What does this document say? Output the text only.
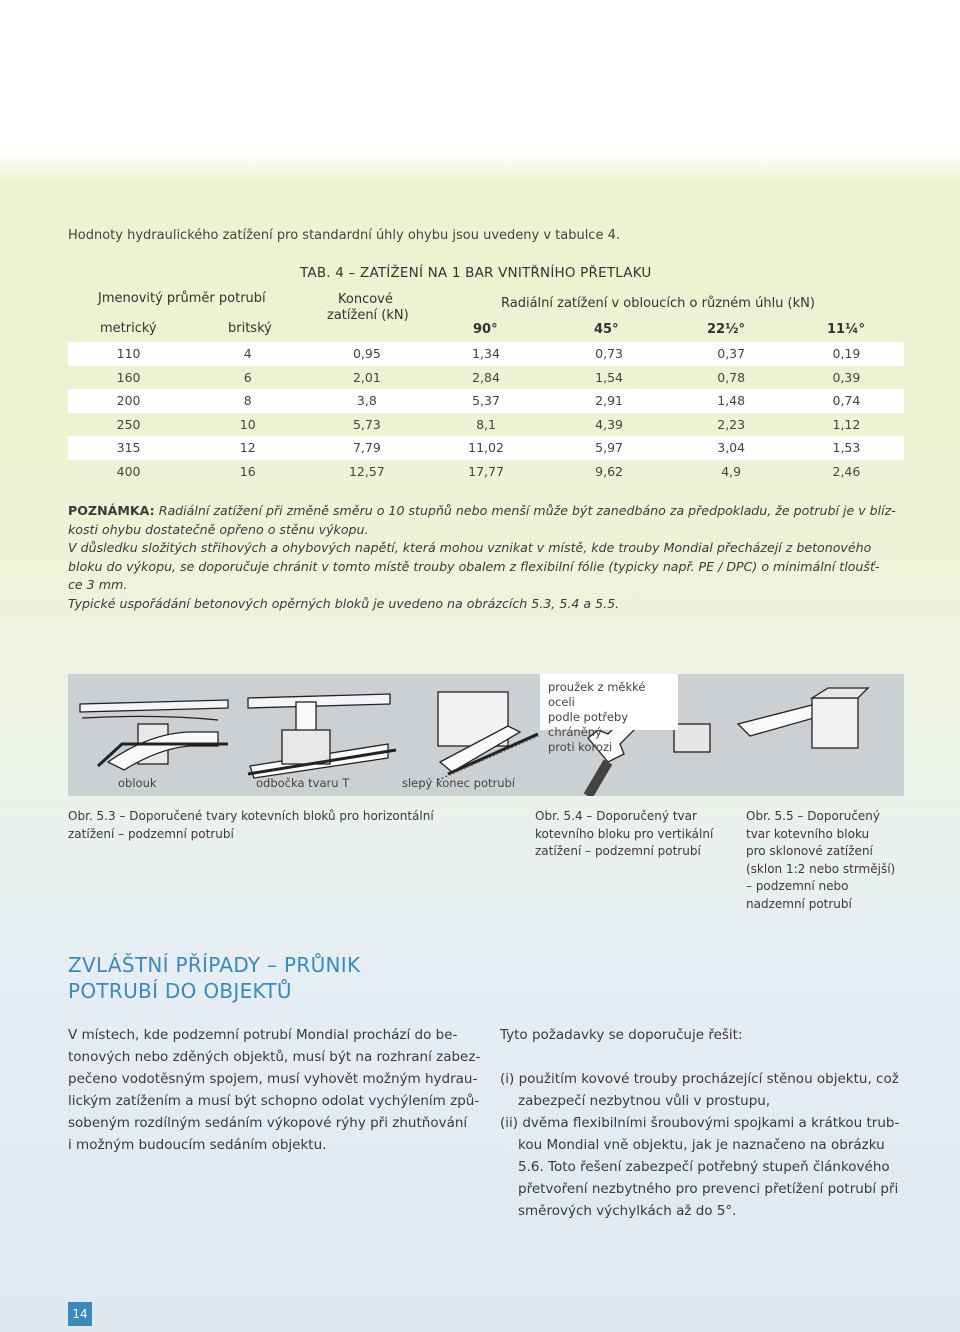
Hodnoty hydraulického zatížení pro standardní úhly ohybu jsou uvedeny v tabulce 4.
TAB. 4 – ZATÍŽENÍ NA 1 BAR VNITŘNÍHO PŘETLAKU
Jmenovitý průměr potrubí
metrický	britský
Koncové
zatížení (kN)
Radiální zatížení v obloucích o různém úhlu (kN)
90°	45°	22½°	11¼°
110	4	0,95	1,34	0,73	0,37	0,19
160	6	2,01	2,84	1,54	0,78	0,39
200	8	3,8	5,37	2,91	1,48	0,74
250	10	5,73	8,1	4,39	2,23	1,12
315	12	7,79	11,02	5,97	3,04	1,53
400	16	12,57	17,77	9,62	4,9	2,46
POZNÁMKA: Radiální zatížení při změně směru o 10 stupňů nebo menší může být zanedbáno za předpokladu, že potrubí je v blíz-
kosti ohybu dostatečně opřeno o stěnu výkopu.
V důsledku složitých střihových a ohybových napětí, která mohou vznikat v místě, kde trouby Mondial přecházejí z betonového
bloku do výkopu, se doporučuje chránit v tomto místě trouby obalem z flexibilní fólie (typicky např. PE / DPC) o minimální tloušť-
ce 3 mm.
Typické uspořádání betonových opěrných bloků je uvedeno na obrázcích 5.3, 5.4 a 5.5.
oblouk	odbočka tvaru T	slepý konec potrubí
proužek z měkké oceli
podle potřeby chráněný
proti korozi
Obr. 5.3 – Doporučené tvary kotevních bloků pro horizontální
zatížení – podzemní potrubí
Obr. 5.4 – Doporučený tvar
kotevního bloku pro vertikální
zatížení – podzemní potrubí
Obr. 5.5 – Doporučený
tvar kotevního bloku
pro sklonové zatížení
(sklon 1:2 nebo strmější)
– podzemní nebo
nadzemní potrubí
ZVLÁŠTNÍ PŘÍPADY – PRŮNIK
POTRUBÍ DO OBJEKTŮ
V místech, kde podzemní potrubí Mondial prochází do be-
tonových nebo zděných objektů, musí být na rozhraní zabez-
pečeno vodotěsným spojem, musí vyhovět možným hydrau-
lickým zatížením a musí být schopno odolat vychýlením způ-
sobeným rozdílným sedáním výkopové rýhy při zhutňování
i možným budoucím sedáním objektu.
Tyto požadavky se doporučuje řešit:
(i) použitím kovové trouby procházející stěnou objektu, což
zabezpečí nezbytnou vůli v prostupu,
(ii) dvěma flexibilními šroubovými spojkami a krátkou trub-
kou Mondial vně objektu, jak je naznačeno na obrázku
5.6. Toto řešení zabezpečí potřebný stupeň článkového
přetvoření nezbytného pro prevenci přetížení potrubí při
směrových výchylkách až do 5°.
14
